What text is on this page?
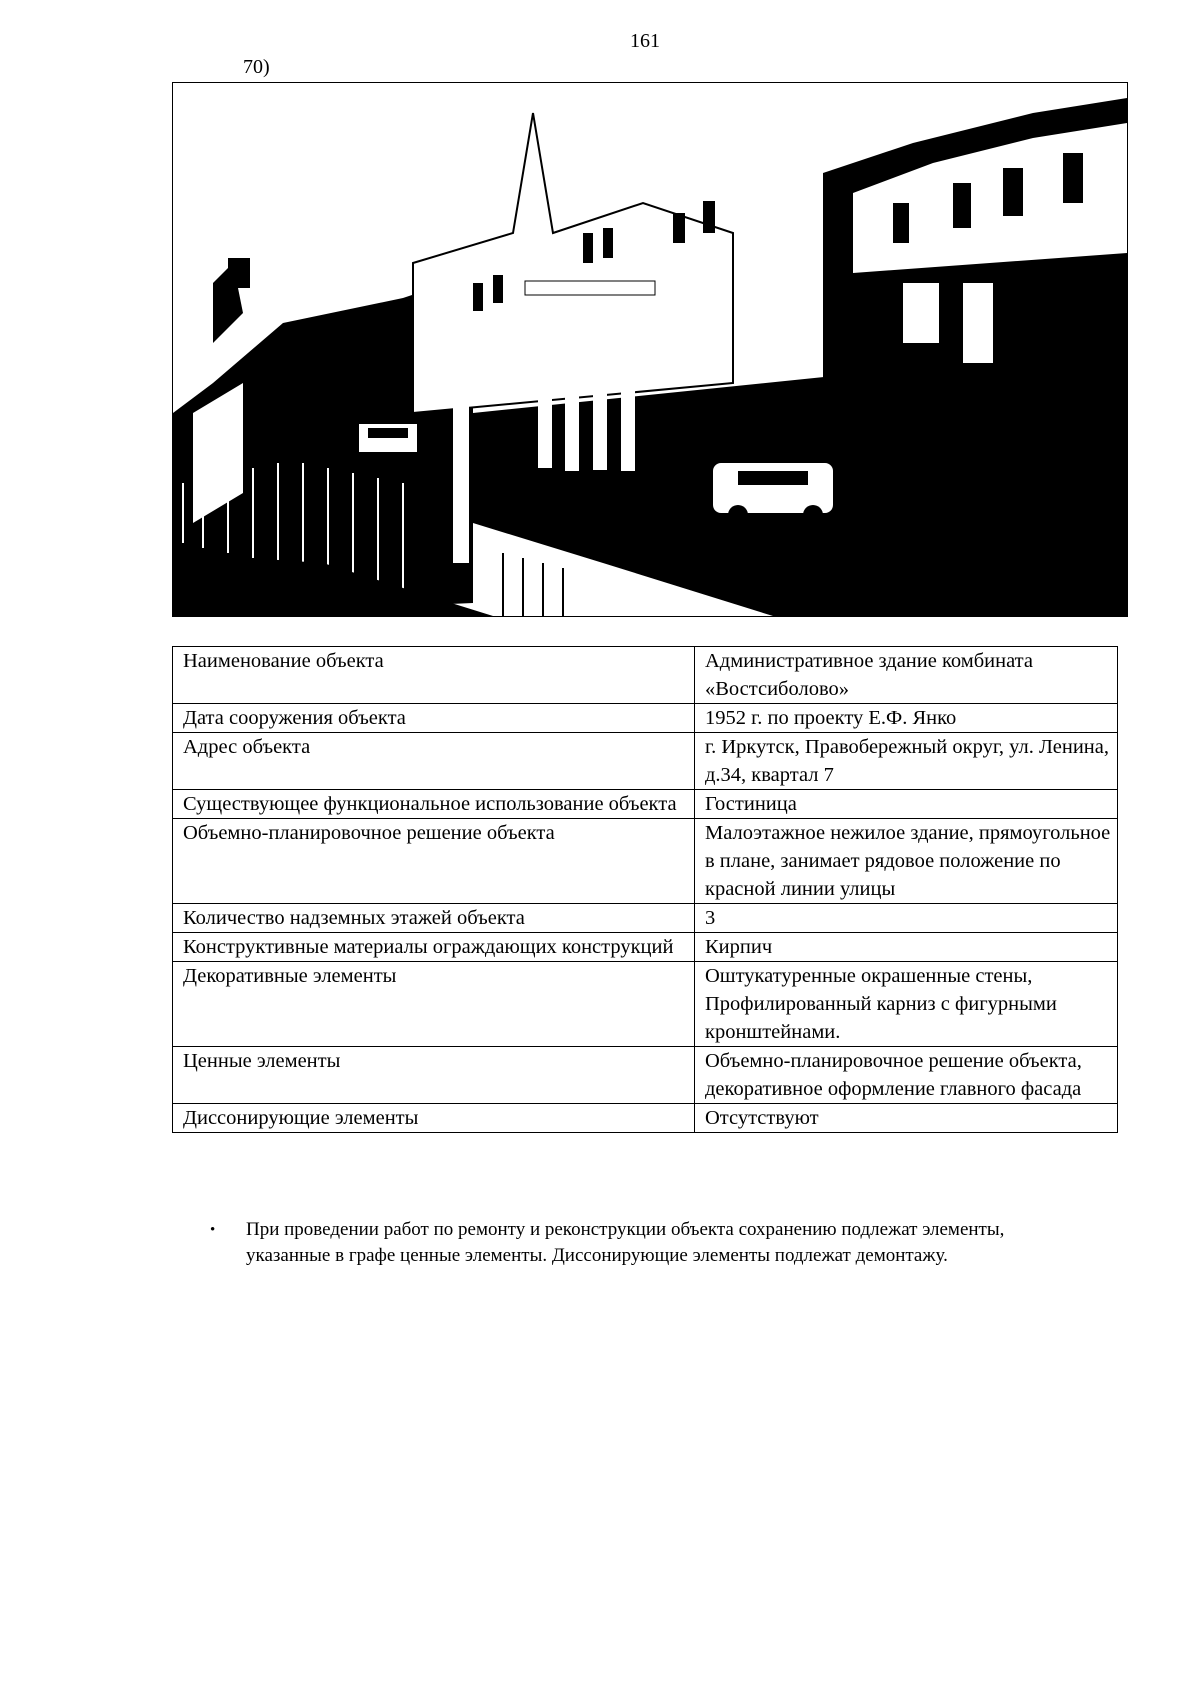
161
70)
Наименование объекта	Административное здание комбината «Востсиболово»
Дата сооружения объекта	1952 г. по проекту Е.Ф. Янко
Адрес объекта	г. Иркутск, Правобережный округ, ул. Ленина, д.34, квартал 7
Существующее функциональное использование объекта	Гостиница
Объемно-планировочное решение объекта	Малоэтажное нежилое здание, прямоугольное в плане, занимает рядовое положение по красной линии улицы
Количество надземных этажей объекта	3
Конструктивные материалы ограждающих конструкций	Кирпич
Декоративные элементы	Оштукатуренные окрашенные стены, Профилированный карниз с фигурными кронштейнами.
Ценные элементы	Объемно-планировочное решение объекта, декоративное оформление главного фасада
Диссонирующие элементы	Отсутствуют
•	При проведении работ по ремонту и реконструкции объекта сохранению подлежат элементы, указанные в графе ценные элементы. Диссонирующие элементы подлежат демонтажу.
